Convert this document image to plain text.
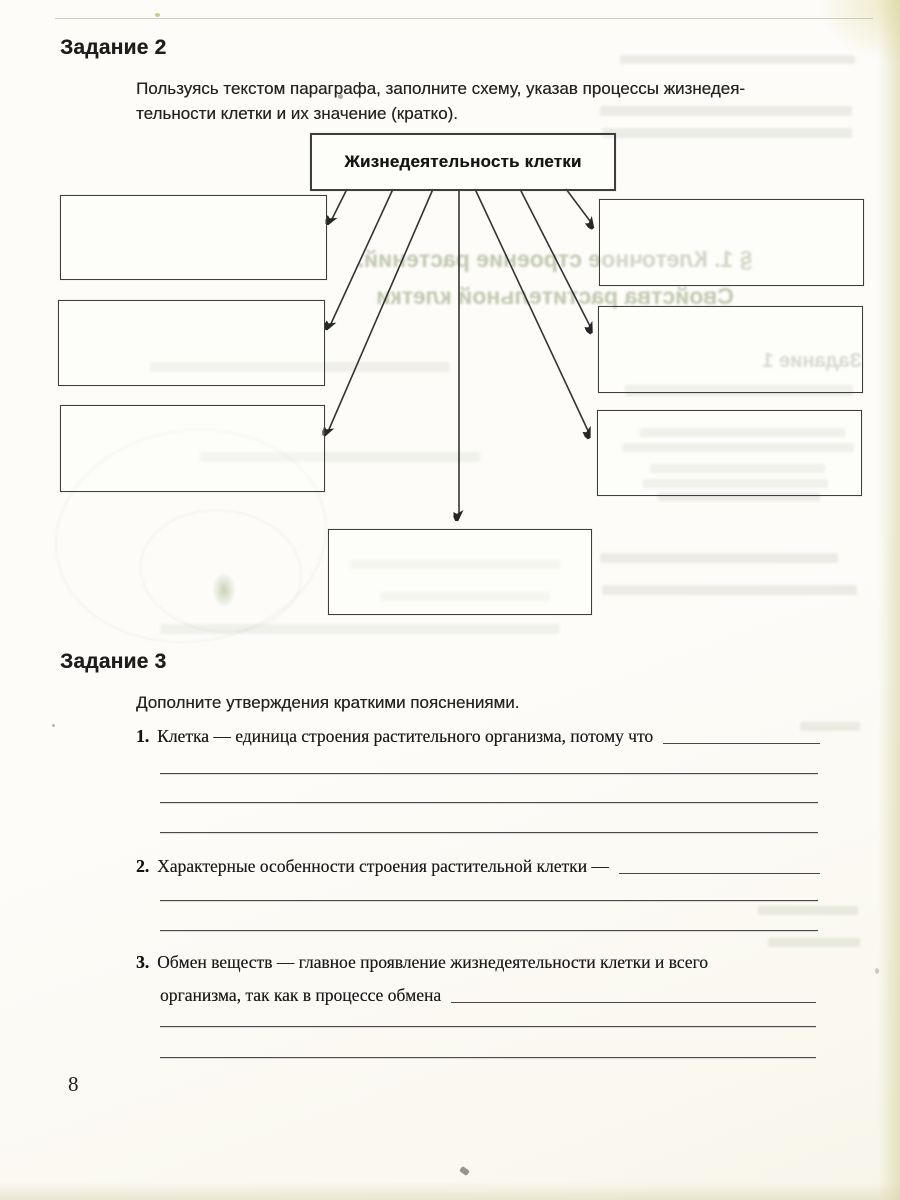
§ 1. Клеточное строение растений.
Свойства растительной клетки
Задание 1
Задание 2
Пользуясь текстом параграфа, заполните схему, указав процессы жизнедея-
тельности клетки и их значение (кратко).
Жизнедеятельность клетки
Задание 3
Дополните утверждения краткими пояснениями.
1. Клетка — единица строения растительного организма, потому что
2. Характерные особенности строения растительной клетки —
3. Обмен веществ — главное проявление жизнедеятельности клетки и всего
организма, так как в процессе обмена
8
